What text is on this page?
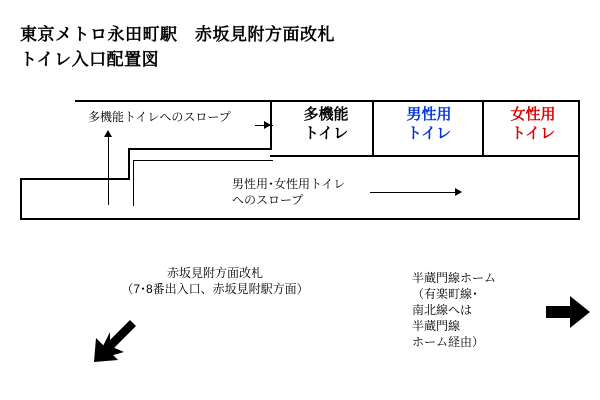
東京メトロ永田町駅　赤坂見附方面改札
トイレ入口配置図
多機能
トイレ
男性用
トイレ
女性用
トイレ
多機能トイレへのスロープ
男性用･女性用トイレ
へのスロープ
赤坂見附方面改札
（7･8番出入口、赤坂見附駅方面）
半蔵門線ホーム
（有楽町線･
南北線へは
半蔵門線
ホーム経由）
